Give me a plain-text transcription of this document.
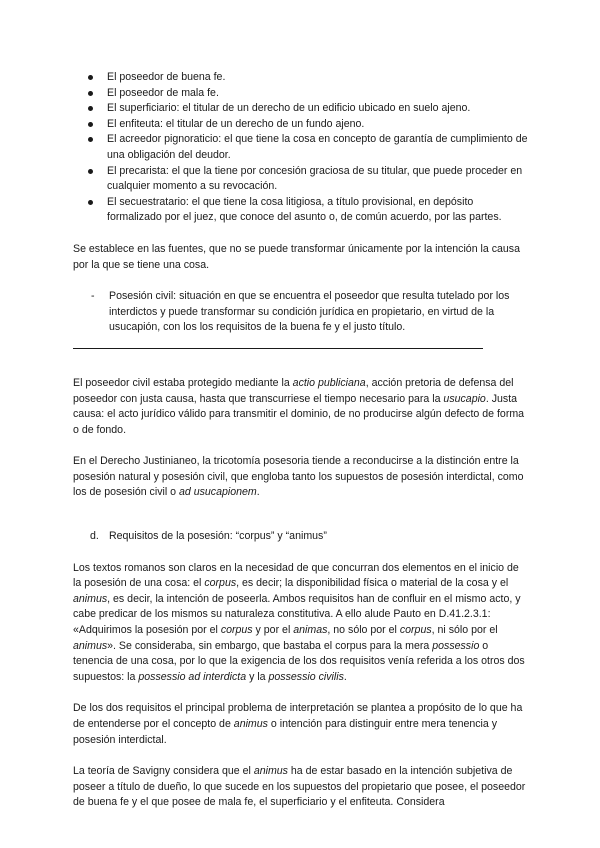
El poseedor de buena fe.
El poseedor de mala fe.
El superficiario: el titular de un derecho de un edificio ubicado en suelo ajeno.
El enfiteuta: el titular de un derecho de un fundo ajeno.
El acreedor pignoraticio: el que tiene la cosa en concepto de garantía de cumplimiento de una obligación del deudor.
El precarista: el que la tiene por concesión graciosa de su titular, que puede proceder en cualquier momento a su revocación.
El secuestratario: el que tiene la cosa litigiosa, a título provisional, en depósito formalizado por el juez, que conoce del asunto o, de común acuerdo, por las partes.

Se establece en las fuentes, que no se puede transformar únicamente por la intención la causa por la que se tiene una cosa.

- Posesión civil: situación en que se encuentra el poseedor que resulta tutelado por los interdictos y puede transformar su condición jurídica en propietario, en virtud de la usucapión, con los los requisitos de la buena fe y el justo título.

El poseedor civil estaba protegido mediante la actio publiciana, acción pretoria de defensa del poseedor con justa causa, hasta que transcurriese el tiempo necesario para la usucapio. Justa causa: el acto jurídico válido para transmitir el dominio, de no producirse algún defecto de forma o de fondo.

En el Derecho Justinianeo, la tricotomía posesoria tiende a reconducirse a la distinción entre la posesión natural y posesión civil, que engloba tanto los supuestos de posesión interdictal, como los de posesión civil o ad usucapionem.

d. Requisitos de la posesión: “corpus” y “animus”

Los textos romanos son claros en la necesidad de que concurran dos elementos en el inicio de la posesión de una cosa: el corpus, es decir; la disponibilidad física o material de la cosa y el animus, es decir, la intención de poseerla. Ambos requisitos han de confluir en el mismo acto, y cabe predicar de los mismos su naturaleza constitutiva. A ello alude Pauto en D.41.2.3.1: «Adquirimos la posesión por el corpus y por el animas, no sólo por el corpus, ni sólo por el animus». Se consideraba, sin embargo, que bastaba el corpus para la mera possessio o tenencia de una cosa, por lo que la exigencia de los dos requisitos venía referida a los otros dos supuestos: la possessio ad interdicta y la possessio civilis.

De los dos requisitos el principal problema de interpretación se plantea a propósito de lo que ha de entenderse por el concepto de animus o intención para distinguir entre mera tenencia y posesión interdictal.

La teoría de Savigny considera que el animus ha de estar basado en la intención subjetiva de poseer a título de dueño, lo que sucede en los supuestos del propietario que posee, el poseedor de buena fe y el que posee de mala fe, el superficiario y el enfiteuta. Considera
